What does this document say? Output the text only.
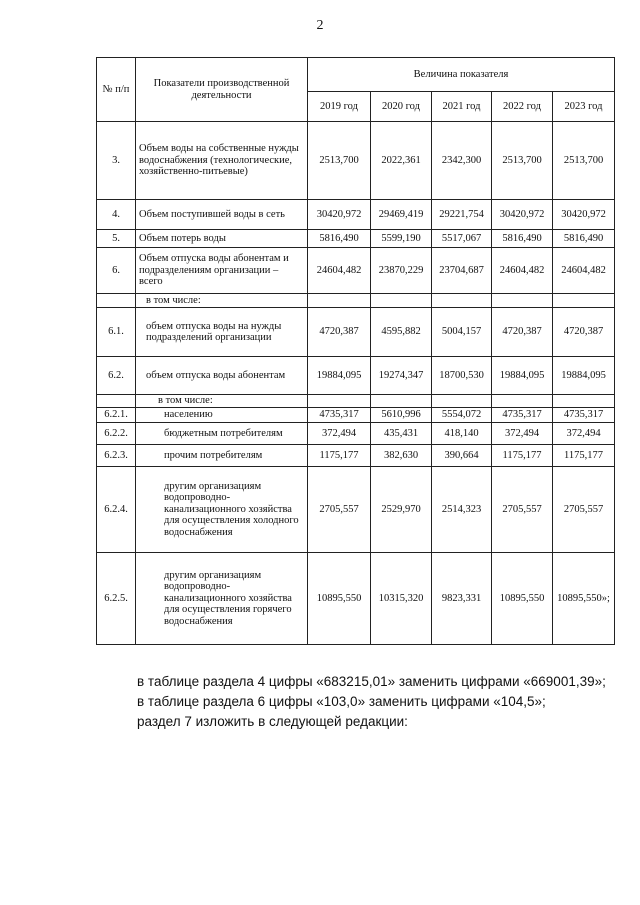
2
№ п/п	Показатели производственной деятельности	Величина показателя				
		2019 год	2020 год	2021 год	2022 год	2023 год
3.	Объем воды на собственные нужды водоснабжения (технологические, хозяйственно-питьевые)	2513,700	2022,361	2342,300	2513,700	2513,700
4.	Объем поступившей воды в сеть	30420,972	29469,419	29221,754	30420,972	30420,972
5.	Объем потерь воды	5816,490	5599,190	5517,067	5816,490	5816,490
6.	Объем отпуска воды абонентам и подразделениям организации – всего	24604,482	23870,229	23704,687	24604,482	24604,482
	в том числе:					
6.1.	объем отпуска воды на нужды подразделений организации	4720,387	4595,882	5004,157	4720,387	4720,387
6.2.	объем отпуска воды абонентам	19884,095	19274,347	18700,530	19884,095	19884,095
	в том числе:					
6.2.1.	населению	4735,317	5610,996	5554,072	4735,317	4735,317
6.2.2.	бюджетным потребителям	372,494	435,431	418,140	372,494	372,494
6.2.3.	прочим потребителям	1175,177	382,630	390,664	1175,177	1175,177
6.2.4.	другим организациям водопроводно-канализационного хозяйства для осуществления холодного водоснабжения	2705,557	2529,970	2514,323	2705,557	2705,557
6.2.5.	другим организациям водопроводно-канализационного хозяйства для осуществления горячего водоснабжения	10895,550	10315,320	9823,331	10895,550	10895,550»;

в таблице раздела 4 цифры «683215,01» заменить цифрами «669001,39»;

в таблице раздела 6 цифры «103,0» заменить цифрами «104,5»;

раздел 7 изложить в следующей редакции:
